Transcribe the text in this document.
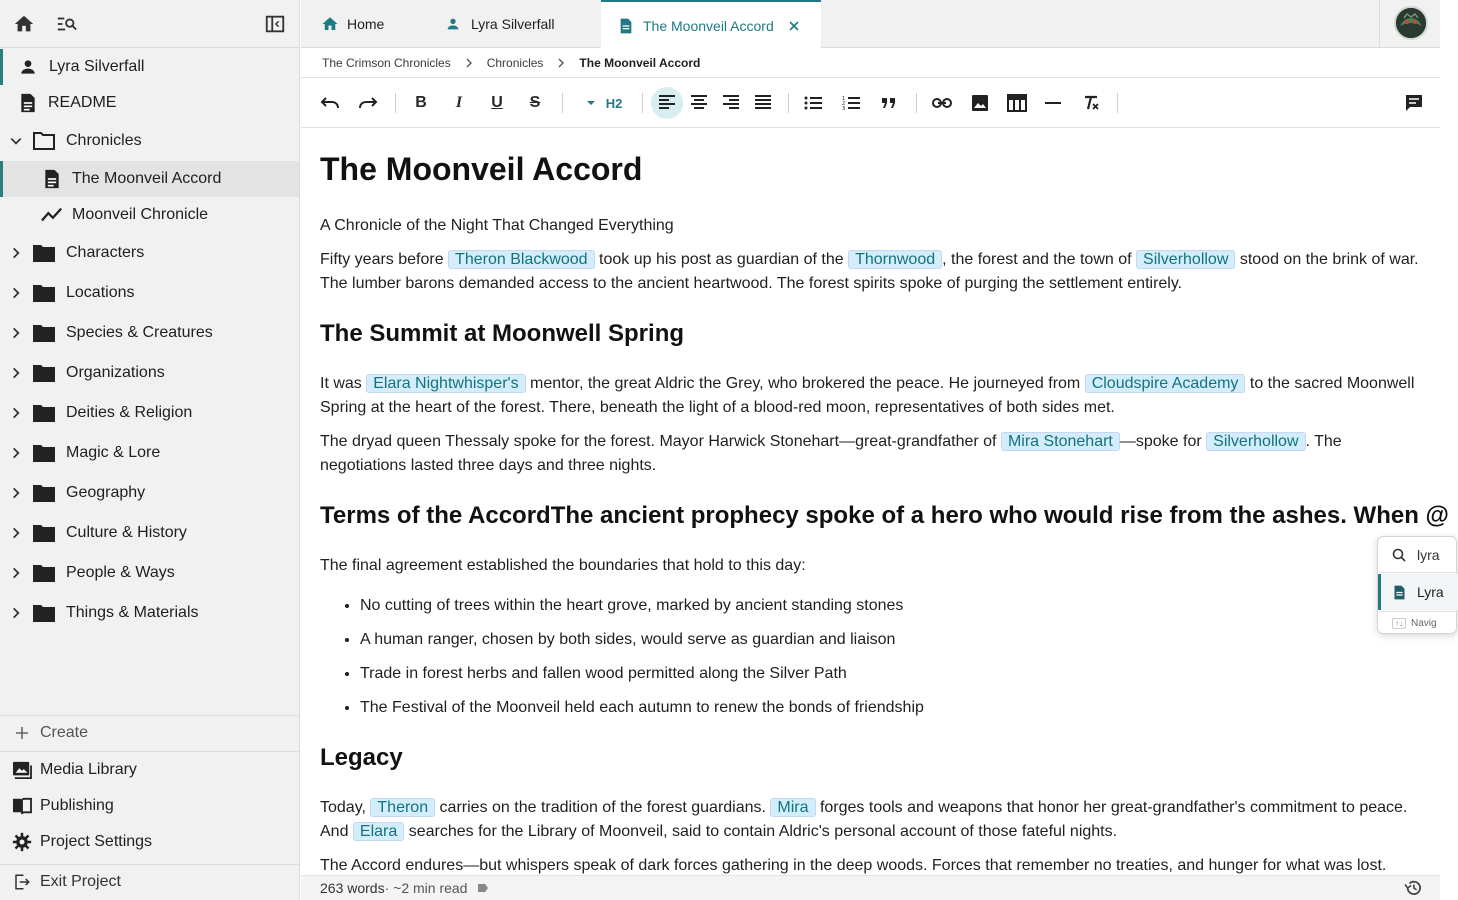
Lyra Silverfall
README
Chronicles
The Moonveil Accord
Moonveil Chronicle
Characters
Locations
Species & Creatures
Organizations
Deities & Religion
Magic & Lore
Geography
Culture & History
People & Ways
Things & Materials
Create
Media Library
Publishing
Project Settings
Exit Project
Home	Lyra Silverfall	The Moonveil Accord
The Crimson Chronicles	Chronicles	The Moonveil Accord
B I U S	H2	1
2
3
The Moonveil Accord
A Chronicle of the Night That Changed Everything
Fifty years before Theron Blackwood took up his post as guardian of the Thornwood , the forest and the town of Silverhollow stood on the brink of war. The lumber barons demanded access to the ancient heartwood. The forest spirits spoke of purging the settlement entirely.
The Summit at Moonwell Spring
It was Elara Nightwhisper's mentor, the great Aldric the Grey, who brokered the peace. He journeyed from Cloudspire Academy to the sacred Moonwell Spring at the heart of the forest. There, beneath the light of a blood-red moon, representatives of both sides met.
The dryad queen Thessaly spoke for the forest. Mayor Harwick Stonehart—great-grandfather of Mira Stonehart —spoke for Silverhollow . The negotiations lasted three days and three nights.
Terms of the AccordThe ancient prophecy spoke of a hero who would rise from the ashes. When @
The final agreement established the boundaries that hold to this day:
• No cutting of trees within the heart grove, marked by ancient standing stones
• A human ranger, chosen by both sides, would serve as guardian and liaison
• Trade in forest herbs and fallen wood permitted along the Silver Path
• The Festival of the Moonveil held each autumn to renew the bonds of friendship
Legacy
Today, Theron carries on the tradition of the forest guardians. Mira forges tools and weapons that honor her great-grandfather's commitment to peace. And Elara searches for the Library of Moonveil, said to contain Aldric's personal account of those fateful nights.
The Accord endures—but whispers speak of dark forces gathering in the deep woods. Forces that remember no treaties, and hunger for what was lost.
lyra
Lyra
↑↓ Navig
263 words · ~2 min read
